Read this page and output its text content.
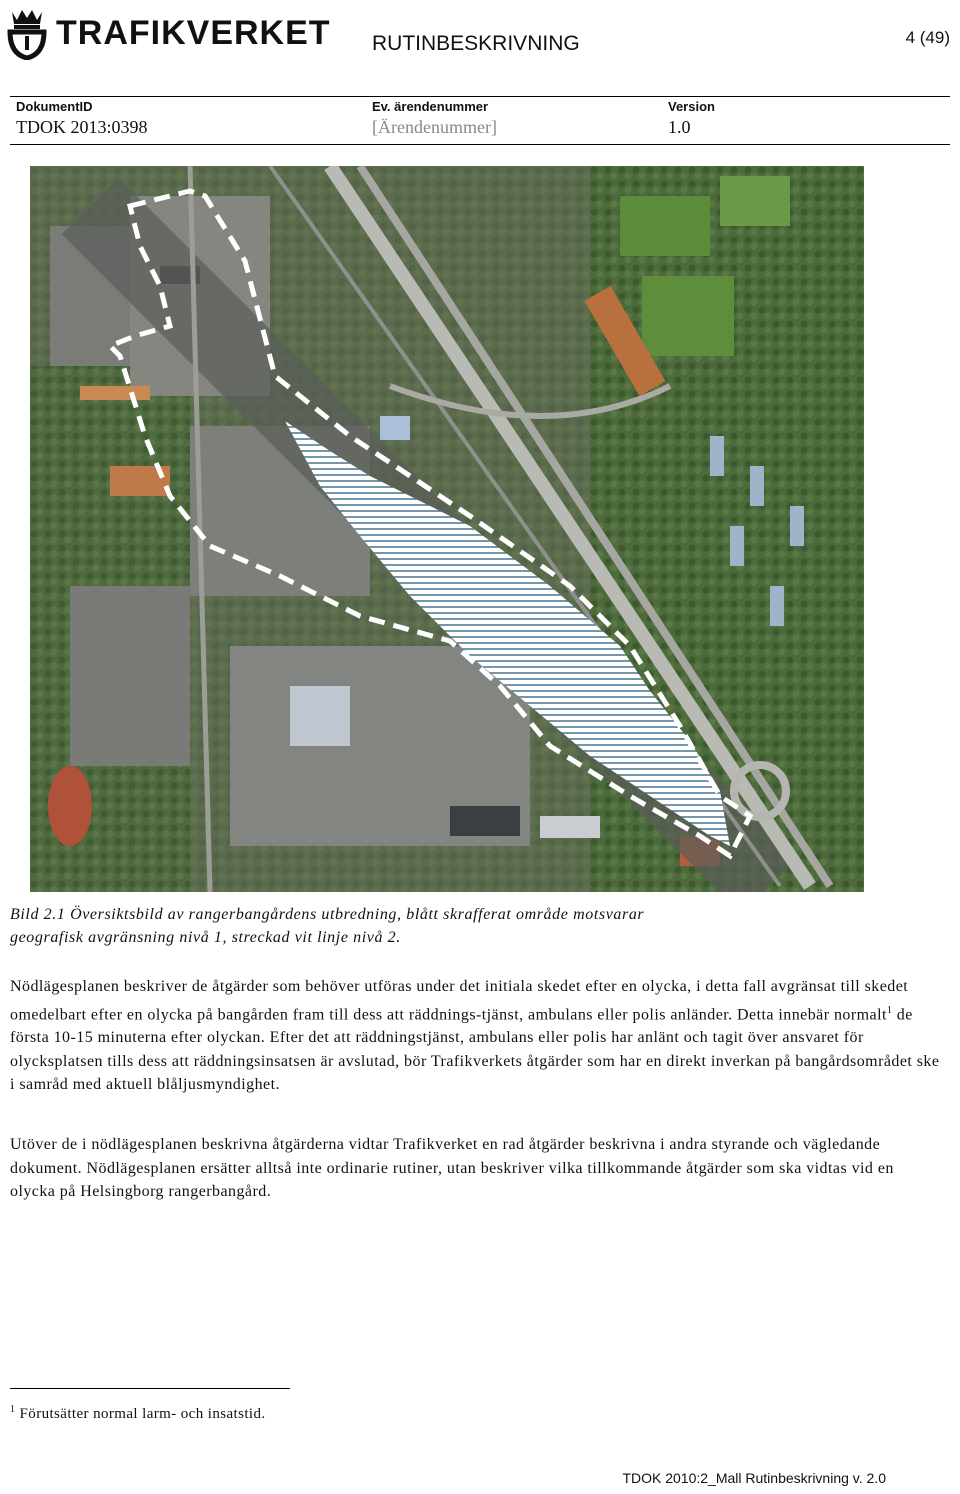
TRAFIKVERKET RUTINBESKRIVNING	4 (49)
DokumentID
TDOK 2013:0398
Ev. ärendenummer
[Ärendenummer]
Version
1.0
Bild 2.1 Översiktsbild av rangerbangårdens utbredning, blått skrafferat område motsvarar
geografisk avgränsning nivå 1, streckad vit linje nivå 2.
Nödlägesplanen beskriver de åtgärder som behöver utföras under det initiala skedet efter en olycka, i detta fall avgränsat till skedet omedelbart efter en olycka på bangården fram till dess att räddnings-tjänst, ambulans eller polis anländer. Detta innebär normalt$^1$ de första 10-15 minuterna efter olyckan. Efter det att räddningstjänst, ambulans eller polis har anlänt och tagit över ansvaret för olycksplatsen tills dess att räddningsinsatsen är avslutad, bör Trafikverkets åtgärder som har en direkt inverkan på bangårdsområdet ske i samråd med aktuell blåljusmyndighet.
Utöver de i nödlägesplanen beskrivna åtgärderna vidtar Trafikverket en rad åtgärder beskrivna i andra styrande och vägledande dokument. Nödlägesplanen ersätter alltså inte ordinarie rutiner, utan beskriver vilka tillkommande åtgärder som ska vidtas vid en olycka på Helsingborg rangerbangård.
$^1$ Förutsätter normal larm- och insatstid.
TDOK 2010:2_Mall Rutinbeskrivning v. 2.0
